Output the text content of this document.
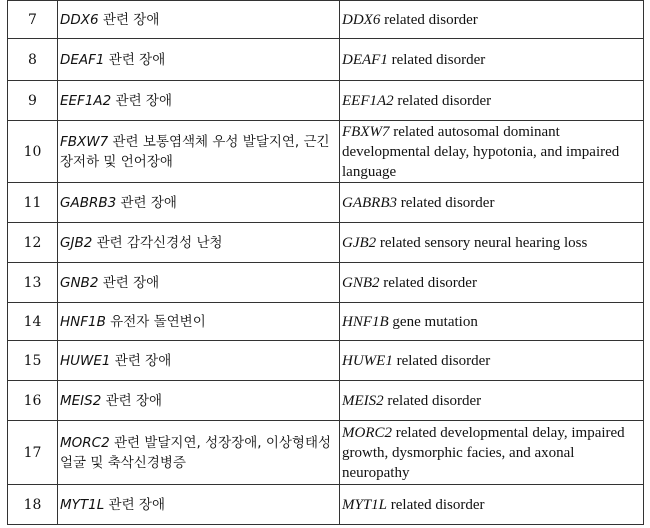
7	DDX6 관련 장애	DDX6 related disorder
8	DEAF1 관련 장애	DEAF1 related disorder
9	EEF1A2 관련 장애	EEF1A2 related disorder
10	FBXW7 관련 보통염색체 우성 발달지연, 근긴장저하 및 언어장애	FBXW7 related autosomal dominant developmental delay, hypotonia, and impaired language
11	GABRB3 관련 장애	GABRB3 related disorder
12	GJB2 관련 감각신경성 난청	GJB2 related sensory neural hearing loss
13	GNB2 관련 장애	GNB2 related disorder
14	HNF1B 유전자 돌연변이	HNF1B gene mutation
15	HUWE1 관련 장애	HUWE1 related disorder
16	MEIS2 관련 장애	MEIS2 related disorder
17	MORC2 관련 발달지연, 성장장애, 이상형태성 얼굴 및 축삭신경병증	MORC2 related developmental delay, impaired growth, dysmorphic facies, and axonal neuropathy
18	MYT1L 관련 장애	MYT1L related disorder
